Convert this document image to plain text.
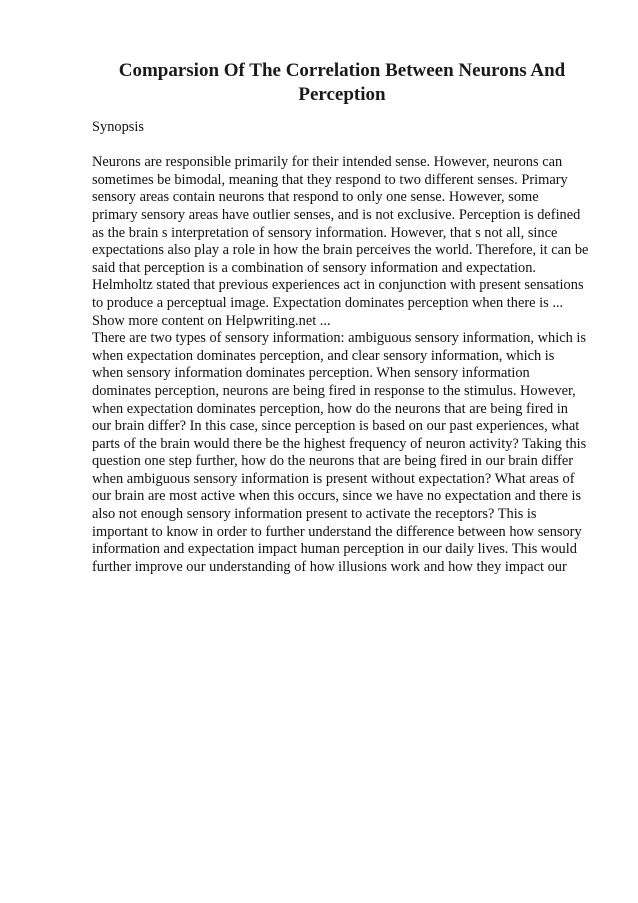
Comparsion Of The Correlation Between Neurons And Perception

Synopsis

Neurons are responsible primarily for their intended sense. However, neurons can
sometimes be bimodal, meaning that they respond to two different senses. Primary
sensory areas contain neurons that respond to only one sense. However, some
primary sensory areas have outlier senses, and is not exclusive. Perception is defined
as the brain s interpretation of sensory information. However, that s not all, since
expectations also play a role in how the brain perceives the world. Therefore, it can be
said that perception is a combination of sensory information and expectation.
Helmholtz stated that previous experiences act in conjunction with present sensations
to produce a perceptual image. Expectation dominates perception when there is ...
Show more content on Helpwriting.net ...
There are two types of sensory information: ambiguous sensory information, which is
when expectation dominates perception, and clear sensory information, which is
when sensory information dominates perception. When sensory information
dominates perception, neurons are being fired in response to the stimulus. However,
when expectation dominates perception, how do the neurons that are being fired in
our brain differ? In this case, since perception is based on our past experiences, what
parts of the brain would there be the highest frequency of neuron activity? Taking this
question one step further, how do the neurons that are being fired in our brain differ
when ambiguous sensory information is present without expectation? What areas of
our brain are most active when this occurs, since we have no expectation and there is
also not enough sensory information present to activate the receptors? This is
important to know in order to further understand the difference between how sensory
information and expectation impact human perception in our daily lives. This would
further improve our understanding of how illusions work and how they impact our
